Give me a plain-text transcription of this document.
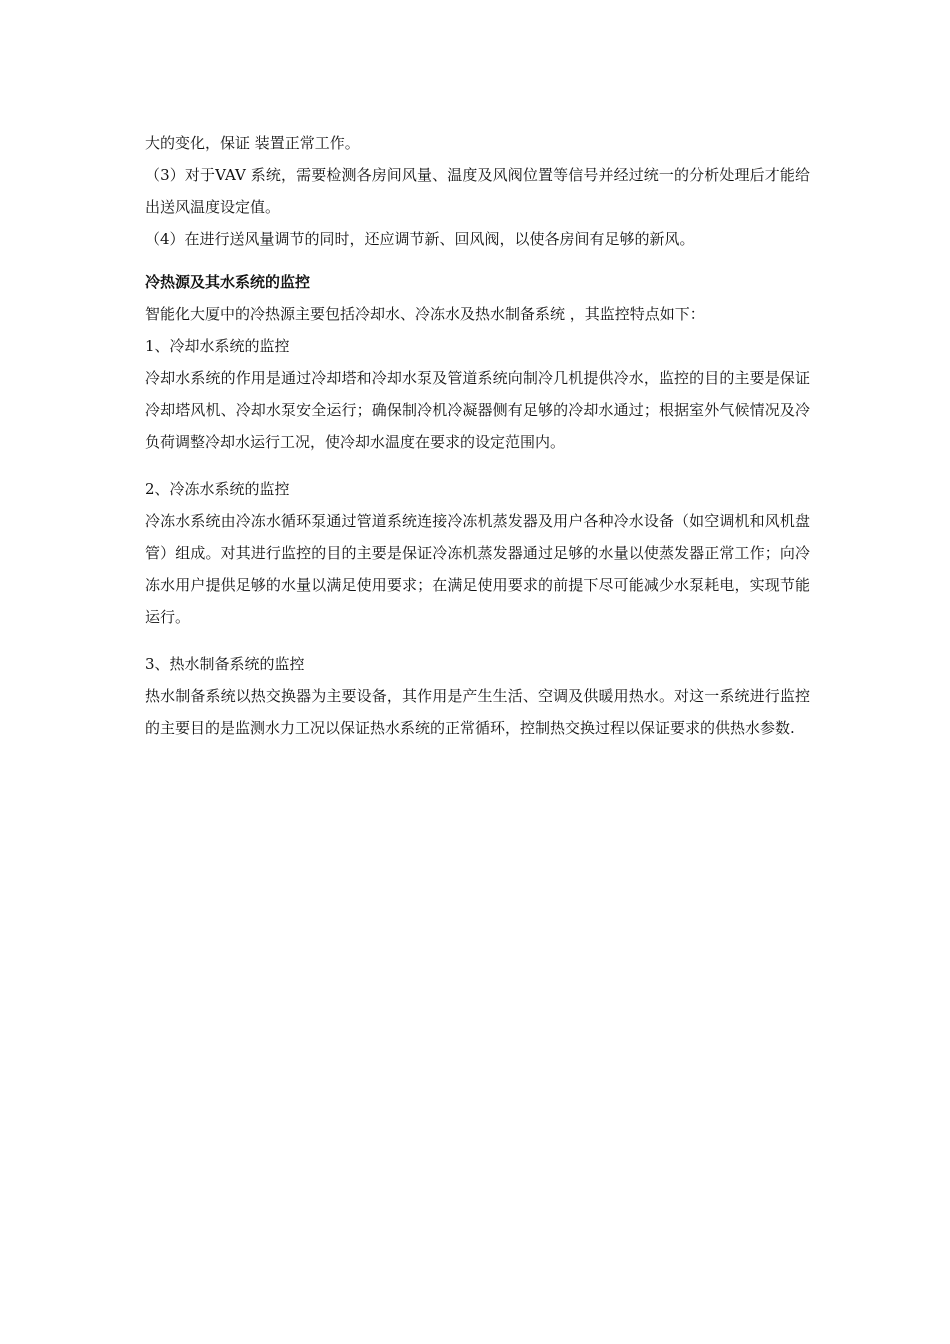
大的变化，保证 装置正常工作。

（3）对于VAV 系统，需要检测各房间风量、温度及风阀位置等信号并经过统一的分析处理后才能给出送风温度设定值。

（4）在进行送风量调节的同时，还应调节新、回风阀，以使各房间有足够的新风。

冷热源及其水系统的监控

智能化大厦中的冷热源主要包括冷却水、冷冻水及热水制备系统 ，其监控特点如下：

1、冷却水系统的监控

冷却水系统的作用是通过冷却塔和冷却水泵及管道系统向制冷几机提供冷水，监控的目的主要是保证冷却塔风机、冷却水泵安全运行；确保制冷机冷凝器侧有足够的冷却水通过；根据室外气候情况及冷负荷调整冷却水运行工况，使冷却水温度在要求的设定范围内。

2、冷冻水系统的监控

冷冻水系统由冷冻水循环泵通过管道系统连接冷冻机蒸发器及用户各种冷水设备（如空调机和风机盘管）组成。对其进行监控的目的主要是保证冷冻机蒸发器通过足够的水量以使蒸发器正常工作；向冷冻水用户提供足够的水量以满足使用要求；在满足使用要求的前提下尽可能减少水泵耗电，实现节能运行。

3、热水制备系统的监控

热水制备系统以热交换器为主要设备，其作用是产生生活、空调及供暖用热水。对这一系统进行监控的主要目的是监测水力工况以保证热水系统的正常循环，控制热交换过程以保证要求的供热水参数.
